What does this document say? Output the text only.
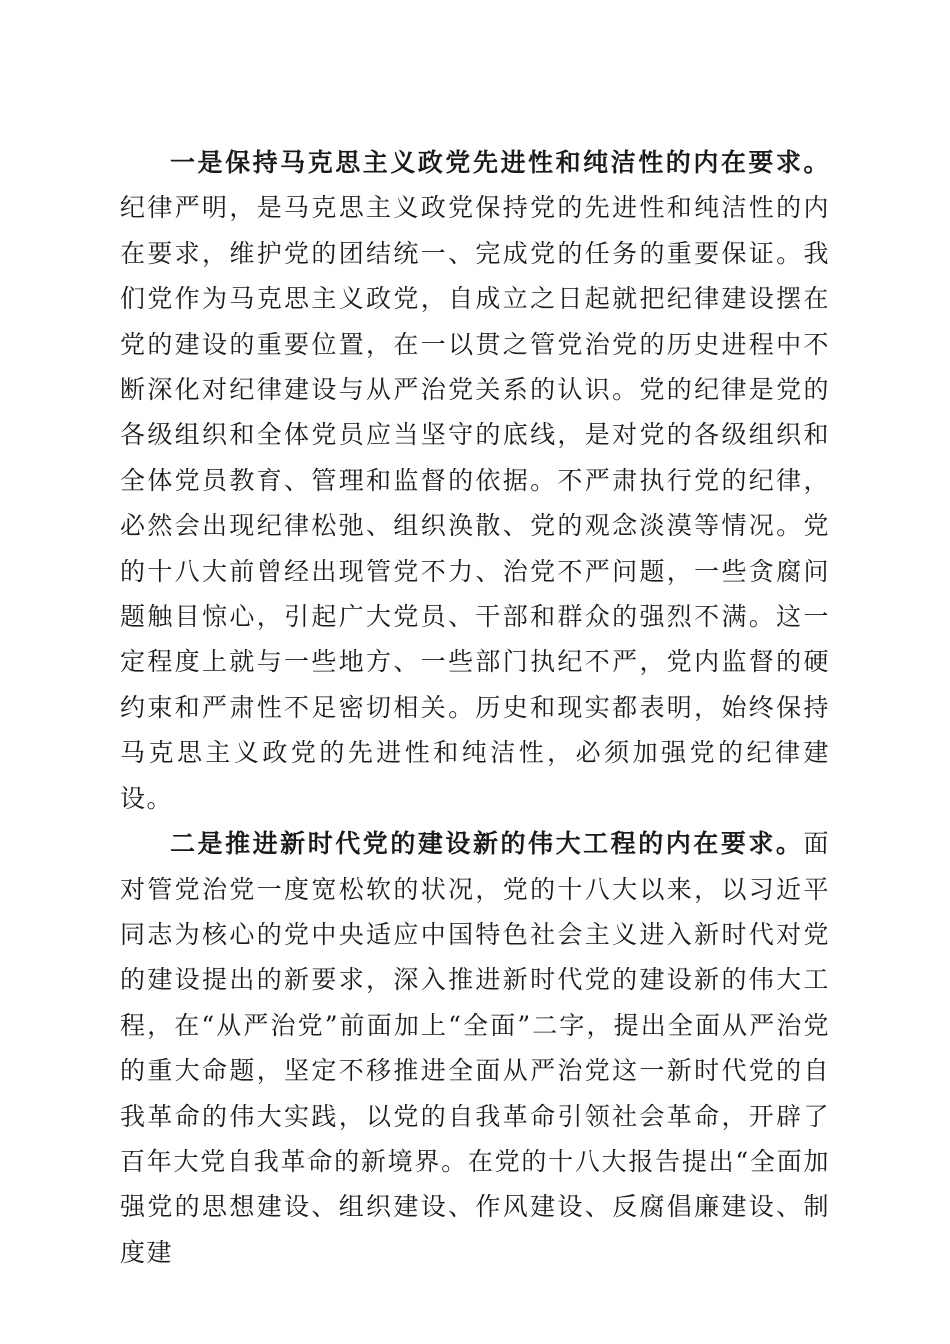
一是保持马克思主义政党先进性和纯洁性的内在要求。纪律严明，是马克思主义政党保持党的先进性和纯洁性的内在要求，维护党的团结统一、完成党的任务的重要保证。我们党作为马克思主义政党，自成立之日起就把纪律建设摆在党的建设的重要位置，在一以贯之管党治党的历史进程中不断深化对纪律建设与从严治党关系的认识。党的纪律是党的各级组织和全体党员应当坚守的底线，是对党的各级组织和全体党员教育、管理和监督的依据。不严肃执行党的纪律，必然会出现纪律松弛、组织涣散、党的观念淡漠等情况。党的十八大前曾经出现管党不力、治党不严问题，一些贪腐问题触目惊心，引起广大党员、干部和群众的强烈不满。这一定程度上就与一些地方、一些部门执纪不严，党内监督的硬约束和严肃性不足密切相关。历史和现实都表明，始终保持马克思主义政党的先进性和纯洁性，必须加强党的纪律建设。

二是推进新时代党的建设新的伟大工程的内在要求。面对管党治党一度宽松软的状况，党的十八大以来，以习近平同志为核心的党中央适应中国特色社会主义进入新时代对党的建设提出的新要求，深入推进新时代党的建设新的伟大工程，在“从严治党”前面加上“全面”二字，提出全面从严治党的重大命题，坚定不移推进全面从严治党这一新时代党的自我革命的伟大实践，以党的自我革命引领社会革命，开辟了百年大党自我革命的新境界。在党的十八大报告提出“全面加强党的思想建设、组织建设、作风建设、反腐倡廉建设、制度建
